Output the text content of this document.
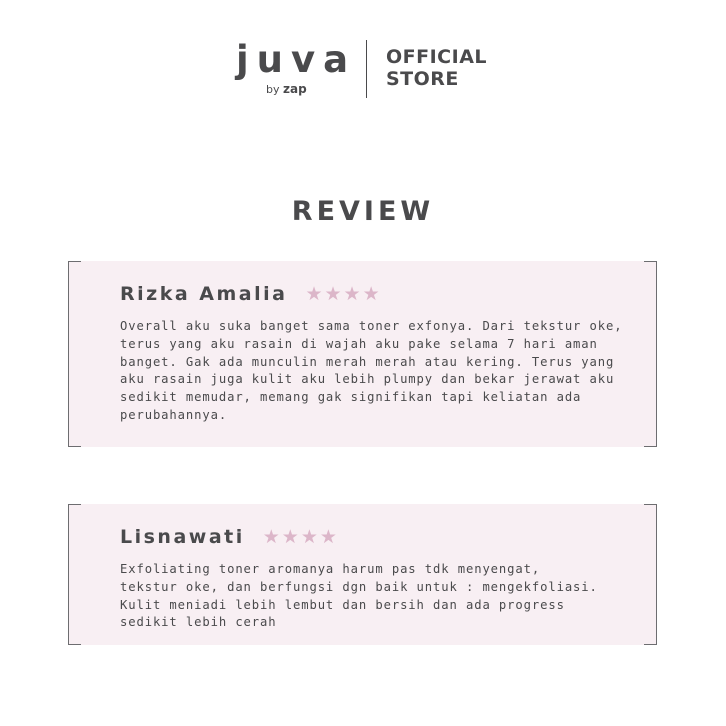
juva
by zap
OFFICIAL
STORE
REVIEW
Rizka Amalia ★ ★ ★ ★
Overall aku suka banget sama toner exfonya. Dari tekstur oke,
terus yang aku rasain di wajah aku pake selama 7 hari aman
banget. Gak ada munculin merah merah atau kering. Terus yang
aku rasain juga kulit aku lebih plumpy dan bekar jerawat aku
sedikit memudar, memang gak signifikan tapi keliatan ada
perubahannya.
Lisnawati ★ ★ ★ ★
Exfoliating toner aromanya harum pas tdk menyengat,
tekstur oke, dan berfungsi dgn baik untuk : mengekfoliasi.
Kulit meniadi lebih lembut dan bersih dan ada progress
sedikit lebih cerah
